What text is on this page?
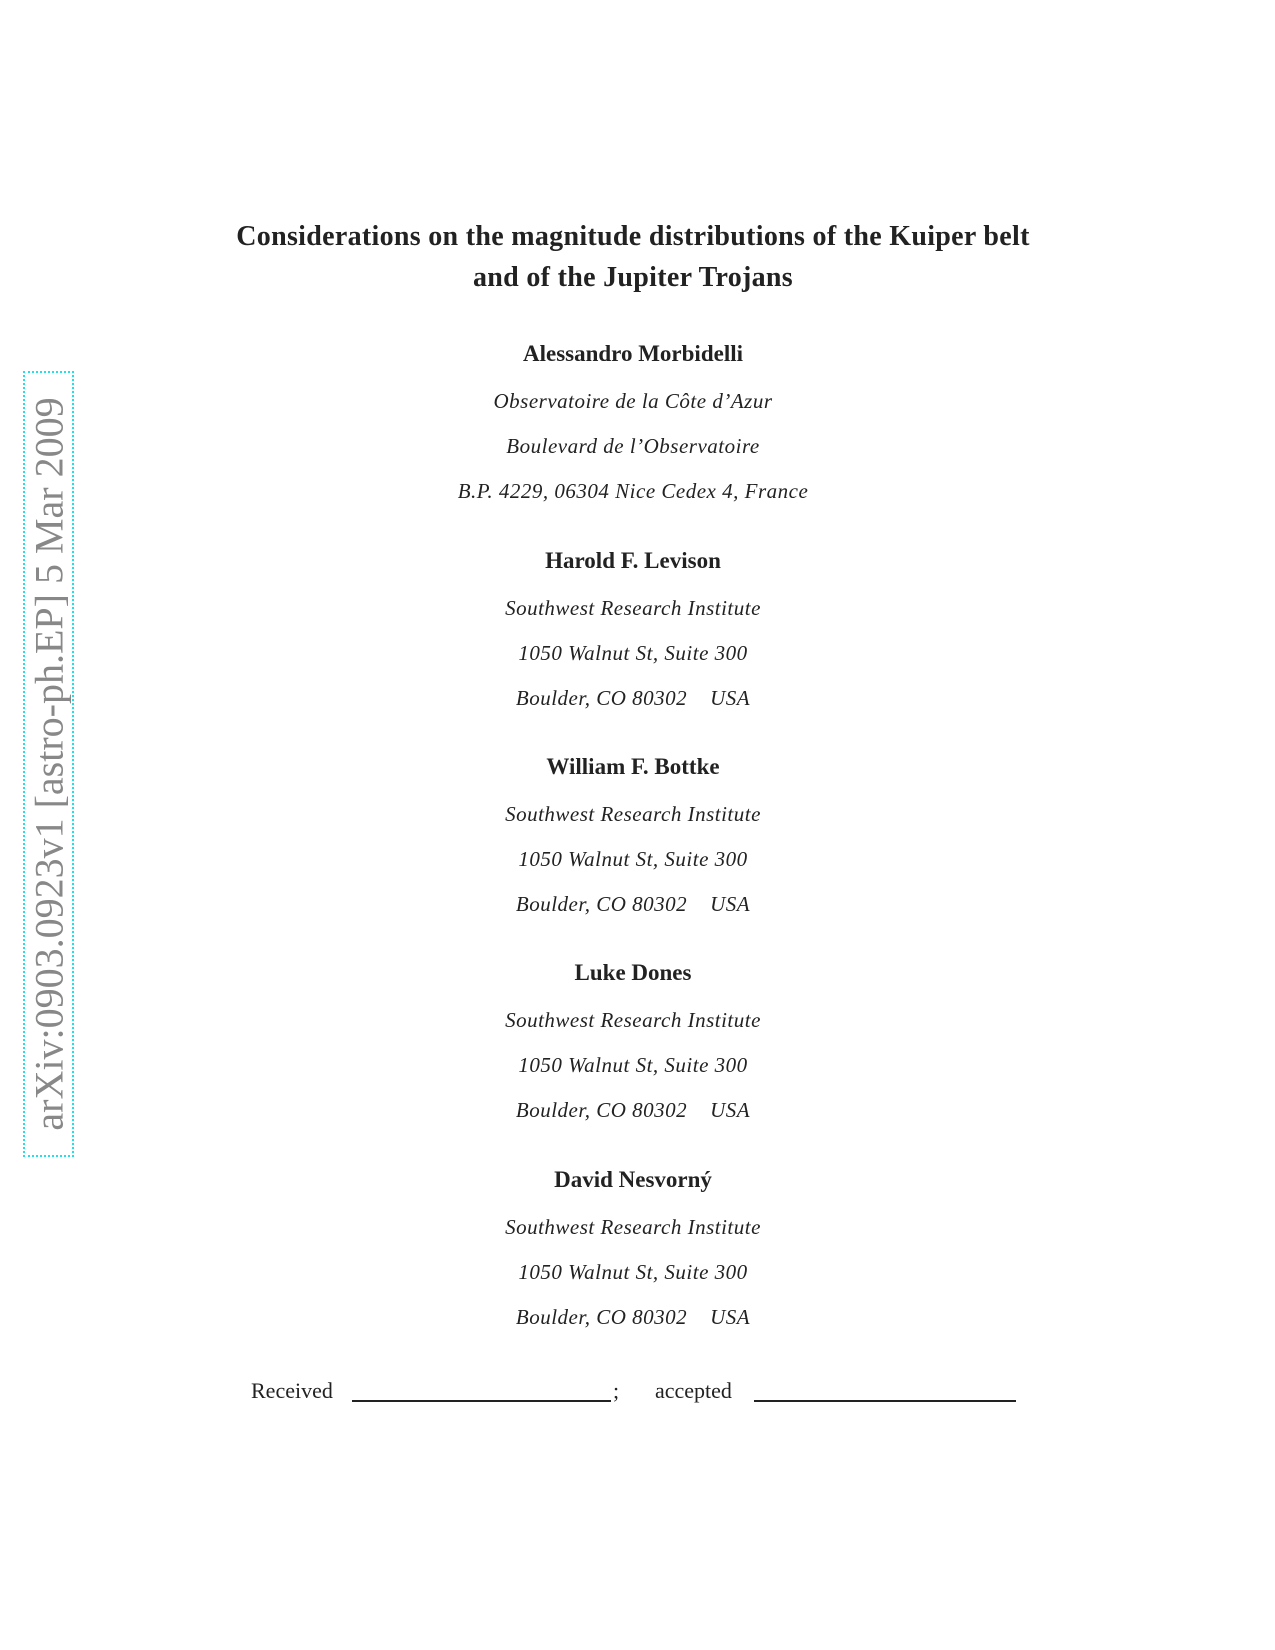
arXiv:0903.0923v1 [astro-ph.EP] 5 Mar 2009
Considerations on the magnitude distributions of the Kuiper belt
and of the Jupiter Trojans
Alessandro Morbidelli
Observatoire de la Côte d’Azur
Boulevard de l’Observatoire
B.P. 4229, 06304 Nice Cedex 4, France
Harold F. Levison
Southwest Research Institute
1050 Walnut St, Suite 300
Boulder, CO 80302    USA
William F. Bottke
Southwest Research Institute
1050 Walnut St, Suite 300
Boulder, CO 80302    USA
Luke Dones
Southwest Research Institute
1050 Walnut St, Suite 300
Boulder, CO 80302    USA
David Nesvorný
Southwest Research Institute
1050 Walnut St, Suite 300
Boulder, CO 80302    USA
Received	; accepted
